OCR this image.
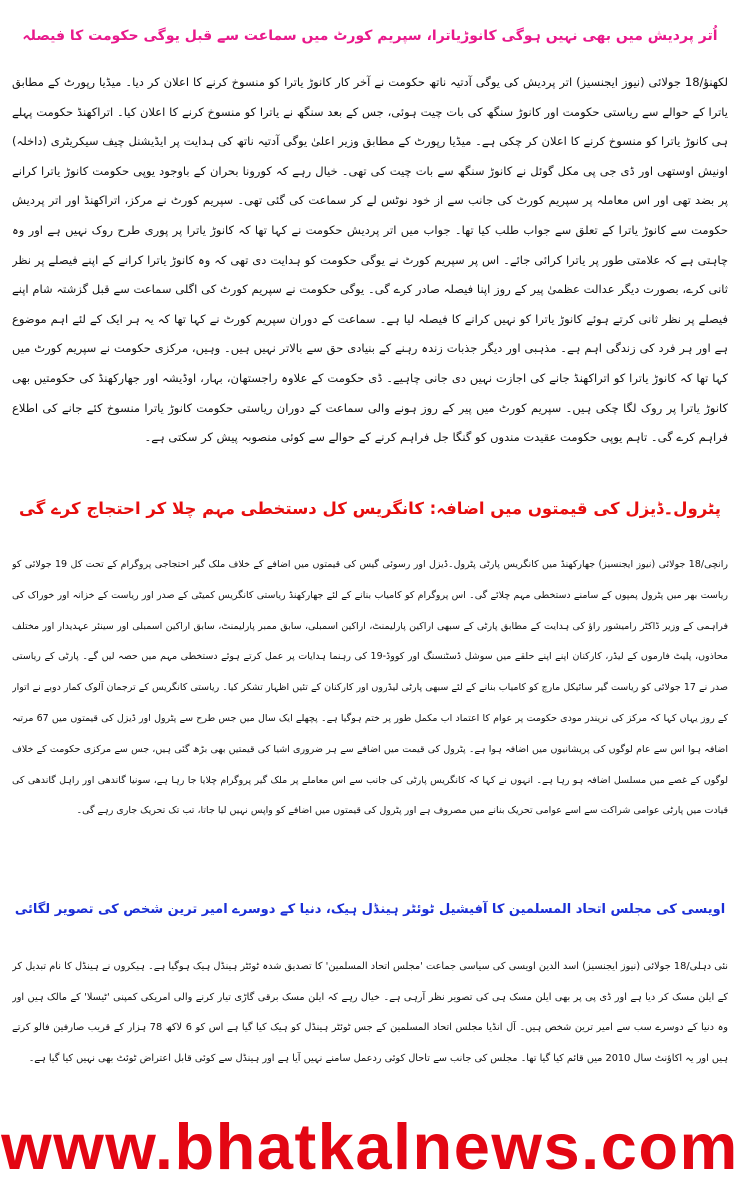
اُتر پردیش میں بھی نہیں ہوگی کانوڑیاترا، سپریم کورٹ میں سماعت سے قبل یوگی حکومت کا فیصلہ
لکھنؤ/18 جولائی (نیوز ایجنسیز) اتر پردیش کی یوگی آدتیہ ناتھ حکومت نے آخر کار کانوڑ یاترا کو منسوخ کرنے کا اعلان کر دیا۔ میڈیا رپورٹ کے مطابق یاترا کے حوالے سے ریاستی حکومت اور کانوڑ سنگھ کی بات چیت ہوئی، جس کے بعد سنگھ نے یاترا کو منسوخ کرنے کا اعلان کیا۔ اتراکھنڈ حکومت پہلے ہی کانوڑ یاترا کو منسوخ کرنے کا اعلان کر چکی ہے۔ میڈیا رپورٹ کے مطابق وزیر اعلیٰ یوگی آدتیہ ناتھ کی ہدایت پر ایڈیشنل چیف سیکریٹری (داخلہ) اونیش اوستھی اور ڈی جی پی مکل گوئل نے کانوڑ سنگھ سے بات چیت کی تھی۔ خیال رہے کہ کورونا بحران کے باوجود یوپی حکومت کانوڑ یاترا کرانے پر بضد تھی اور اس معاملہ پر سپریم کورٹ کی جانب سے از خود نوٹس لے کر سماعت کی گئی تھی۔ سپریم کورٹ نے مرکز، اتراکھنڈ اور اتر پردیش حکومت سے کانوڑ یاترا کے تعلق سے جواب طلب کیا تھا۔ جواب میں اتر پردیش حکومت نے کہا تھا کہ کانوڑ یاترا پر پوری طرح روک نہیں ہے اور وہ چاہتی ہے کہ علامتی طور پر یاترا کرائی جائے۔ اس پر سپریم کورٹ نے یوگی حکومت کو ہدایت دی تھی کہ وہ کانوڑ یاترا کرانے کے اپنے فیصلے پر نظر ثانی کرے، بصورت دیگر عدالت عظمیٰ پیر کے روز اپنا فیصلہ صادر کرے گی۔ یوگی حکومت نے سپریم کورٹ کی اگلی سماعت سے قبل گزشتہ شام اپنے فیصلے پر نظر ثانی کرتے ہوئے کانوڑ یاترا کو نہیں کرانے کا فیصلہ لیا ہے۔ سماعت کے دوران سپریم کورٹ نے کہا تھا کہ یہ ہر ایک کے لئے اہم موضوع ہے اور ہر فرد کی زندگی اہم ہے۔ مذہبی اور دیگر جذبات زندہ رہنے کے بنیادی حق سے بالاتر نہیں ہیں۔ وہیں، مرکزی حکومت نے سپریم کورٹ میں کہا تھا کہ کانوڑ یاترا کو اتراکھنڈ جانے کی اجازت نہیں دی جانی چاہیے۔ ڈی حکومت کے علاوہ راجستھان، بہار، اوڈیشہ اور جھارکھنڈ کی حکومتیں بھی کانوڑ یاترا پر روک لگا چکی ہیں۔ سپریم کورٹ میں پیر کے روز ہونے والی سماعت کے دوران ریاستی حکومت کانوڑ یاترا منسوخ کئے جانے کی اطلاع فراہم کرے گی۔ تاہم یوپی حکومت عقیدت مندوں کو گنگا جل فراہم کرنے کے حوالے سے کوئی منصوبہ پیش کر سکتی ہے۔
پٹرول۔ڈیزل کی قیمتوں میں اضافہ: کانگریس کل دستخطی مہم چلا کر احتجاج کرے گی
رانچی/18 جولائی (نیوز ایجنسیز) جھارکھنڈ میں کانگریس پارٹی پٹرول۔ڈیزل اور رسوئی گیس کی قیمتوں میں اضافے کے خلاف ملک گیر احتجاجی پروگرام کے تحت کل 19 جولائی کو ریاست بھر میں پٹرول پمپوں کے سامنے دستخطی مہم چلائے گی۔ اس پروگرام کو کامیاب بنانے کے لئے جھارکھنڈ ریاستی کانگریس کمیٹی کے صدر اور ریاست کے خزانہ اور خوراک کی فراہمی کے وزیر ڈاکٹر رامیشور راؤ کی ہدایت کے مطابق پارٹی کے سبھی اراکین پارلیمنٹ، اراکین اسمبلی، سابق ممبر پارلیمنٹ، سابق اراکین اسمبلی اور سینئر عہدیدار اور مختلف محاذوں، پلیٹ فارموں کے لیڈر، کارکنان اپنے اپنے حلقے میں سوشل ڈسٹنسنگ اور کووڈ-19 کی رہنما ہدایات پر عمل کرتے ہوئے دستخطی مہم میں حصہ لیں گے۔ پارٹی کے ریاستی صدر نے 17 جولائی کو ریاست گیر سائیکل مارچ کو کامیاب بنانے کے لئے سبھی پارٹی لیڈروں اور کارکنان کے تئیں اظہار تشکر کیا۔ ریاستی کانگریس کے ترجمان آلوک کمار دوبے نے اتوار کے روز یہاں کہا کہ مرکز کی نریندر مودی حکومت پر عوام کا اعتماد اب مکمل طور پر ختم ہوگیا ہے۔ پچھلے ایک سال میں جس طرح سے پٹرول اور ڈیزل کی قیمتوں میں 67 مرتبہ اضافہ ہوا اس سے عام لوگوں کی پریشانیوں میں اضافہ ہوا ہے۔ پٹرول کی قیمت میں اضافے سے ہر ضروری اشیا کی قیمتیں بھی بڑھ گئی ہیں، جس سے مرکزی حکومت کے خلاف لوگوں کے غصے میں مسلسل اضافہ ہو رہا ہے۔ انہوں نے کہا کہ کانگریس پارٹی کی جانب سے اس معاملے پر ملک گیر پروگرام چلایا جا رہا ہے، سونیا گاندھی اور راہل گاندھی کی قیادت میں پارٹی عوامی شراکت سے اسے عوامی تحریک بنانے میں مصروف ہے اور پٹرول کی قیمتوں میں اضافے کو واپس نہیں لیا جاتا، تب تک تحریک جاری رہے گی۔
اویسی کی مجلس اتحاد المسلمین کا آفیشیل ٹوئٹر ہینڈل ہیک، دنیا کے دوسرے امیر ترین شخص کی تصویر لگائی
نئی دہلی/18 جولائی (نیوز ایجنسیز) اسد الدین اویسی کی سیاسی جماعت 'مجلس اتحاد المسلمین' کا تصدیق شدہ ٹوئٹر ہینڈل ہیک ہوگیا ہے۔ ہیکروں نے ہینڈل کا نام تبدیل کر کے ایلن مسک کر دیا ہے اور ڈی پی پر بھی ایلن مسک ہی کی تصویر نظر آرہی ہے۔ خیال رہے کہ ایلن مسک برقی گاڑی تیار کرنے والی امریکی کمپنی 'ٹیسلا' کے مالک ہیں اور وہ دنیا کے دوسرے سب سے امیر ترین شخص ہیں۔ آل انڈیا مجلس اتحاد المسلمین کے جس ٹوئٹر ہینڈل کو ہیک کیا گیا ہے اس کو 6 لاکھ 78 ہزار کے قریب صارفین فالو کرتے ہیں اور یہ اکاؤنٹ سال 2010 میں قائم کیا گیا تھا۔ مجلس کی جانب سے تاحال کوئی ردعمل سامنے نہیں آیا ہے اور ہینڈل سے کوئی قابل اعتراض ٹوئٹ بھی نہیں کیا گیا ہے۔
www.bhatkalnews.com
